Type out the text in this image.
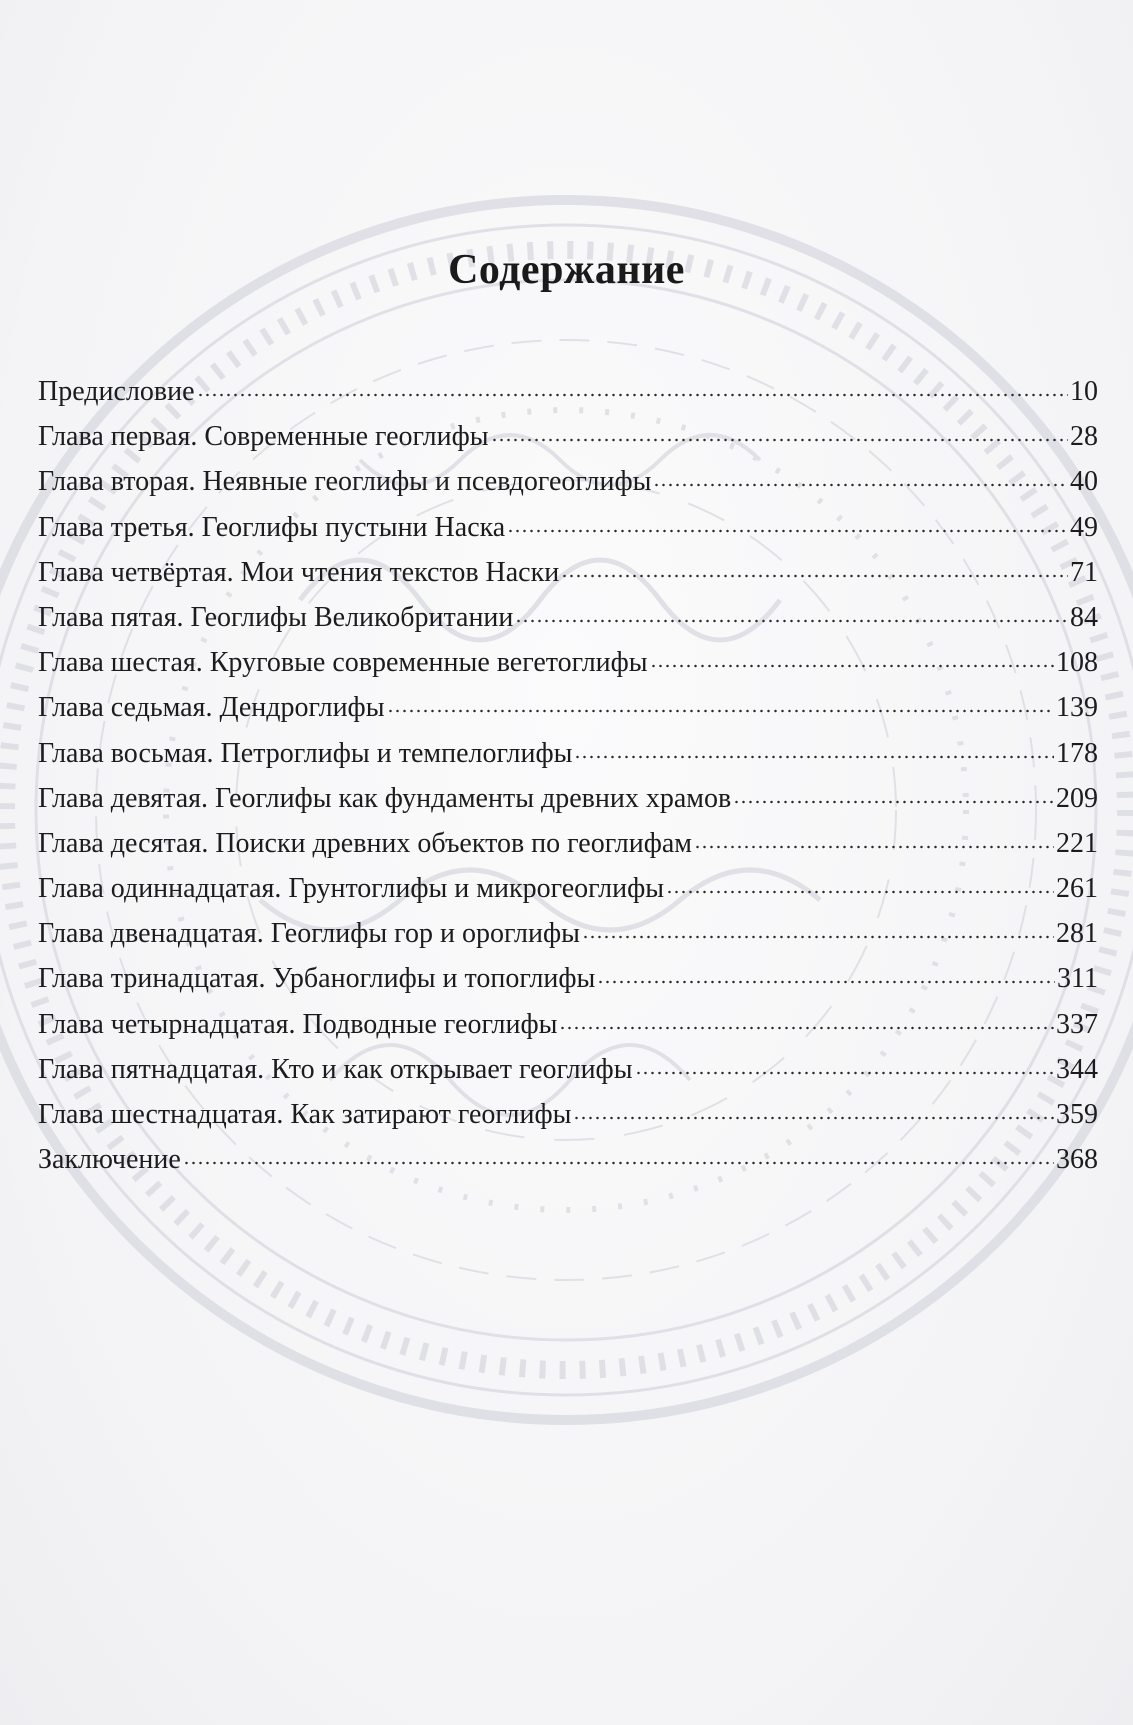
Содержание
Предисловие	10
Глава первая. Современные геоглифы	28
Глава вторая. Неявные геоглифы и псевдогеоглифы	40
Глава третья. Геоглифы пустыни Наска	49
Глава четвёртая. Мои чтения текстов Наски	71
Глава пятая. Геоглифы Великобритании	84
Глава шестая. Круговые современные вегетоглифы	108
Глава седьмая. Дендроглифы	139
Глава восьмая. Петроглифы и темпелоглифы	178
Глава девятая. Геоглифы как фундаменты древних храмов	209
Глава десятая. Поиски древних объектов по геоглифам	221
Глава одиннадцатая. Грунтоглифы и микрогеоглифы	261
Глава двенадцатая. Геоглифы гор и ороглифы	281
Глава тринадцатая. Урбаноглифы и топоглифы	311
Глава четырнадцатая. Подводные геоглифы	337
Глава пятнадцатая. Кто и как открывает геоглифы	344
Глава шестнадцатая. Как затирают геоглифы	359
Заключение	368
